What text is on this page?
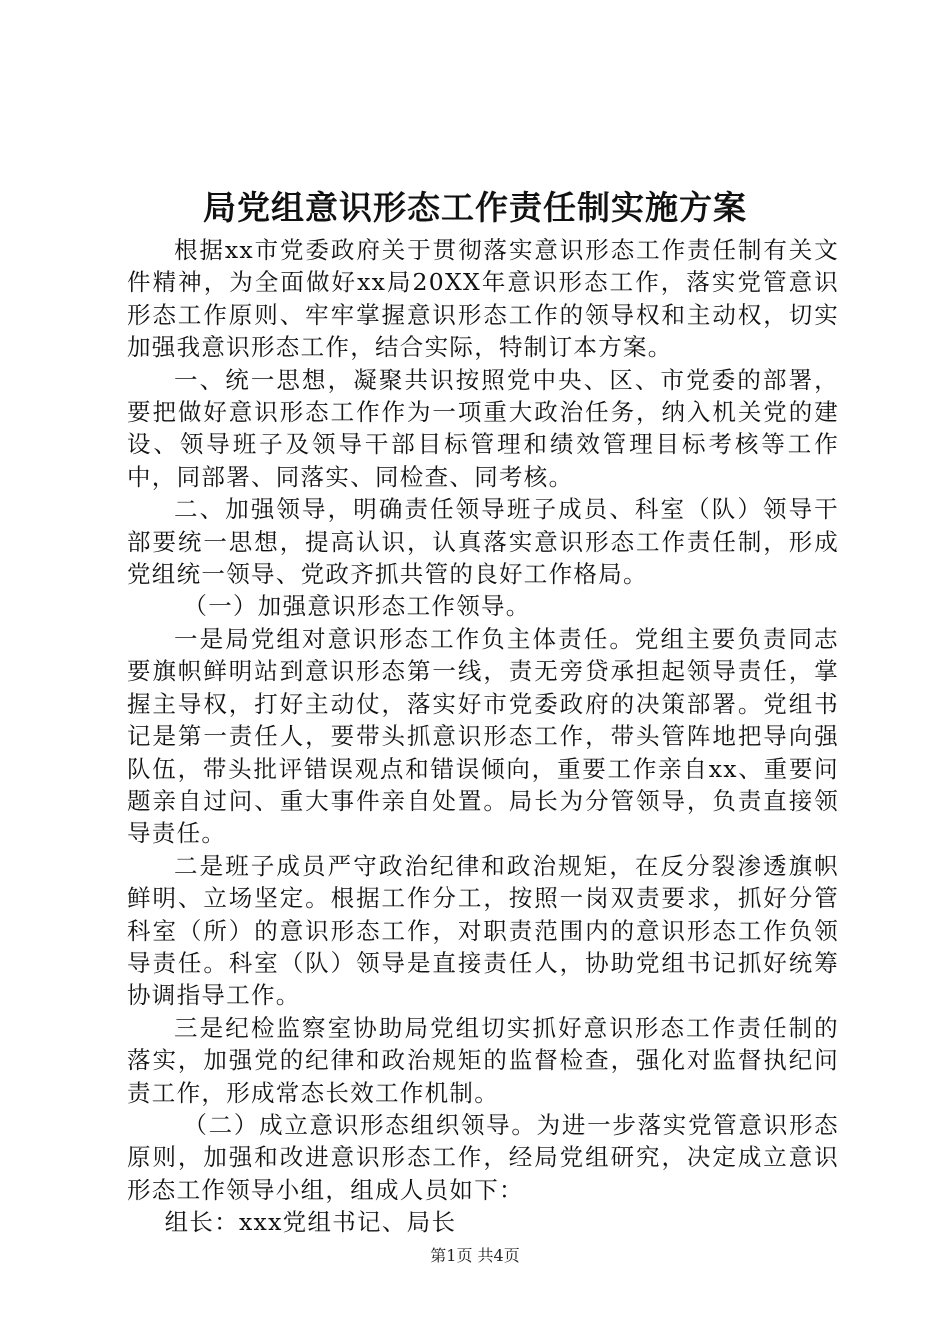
局党组意识形态工作责任制实施方案

根据xx市党委政府关于贯彻落实意识形态工作责任制有关文件精神，为全面做好xx局20XX年意识形态工作，落实党管意识形态工作原则、牢牢掌握意识形态工作的领导权和主动权，切实加强我意识形态工作，结合实际，特制订本方案。

一、统一思想，凝聚共识按照党中央、区、市党委的部署，要把做好意识形态工作作为一项重大政治任务，纳入机关党的建设、领导班子及领导干部目标管理和绩效管理目标考核等工作中，同部署、同落实、同检查、同考核。

二、加强领导，明确责任领导班子成员、科室（队）领导干部要统一思想，提高认识，认真落实意识形态工作责任制，形成党组统一领导、党政齐抓共管的良好工作格局。

（一）加强意识形态工作领导。

一是局党组对意识形态工作负主体责任。党组主要负责同志要旗帜鲜明站到意识形态第一线，责无旁贷承担起领导责任，掌握主导权，打好主动仗，落实好市党委政府的决策部署。党组书记是第一责任人，要带头抓意识形态工作，带头管阵地把导向强队伍，带头批评错误观点和错误倾向，重要工作亲自xx、重要问题亲自过问、重大事件亲自处置。局长为分管领导，负责直接领导责任。

二是班子成员严守政治纪律和政治规矩，在反分裂渗透旗帜鲜明、立场坚定。根据工作分工，按照一岗双责要求，抓好分管科室（所）的意识形态工作，对职责范围内的意识形态工作负领导责任。科室（队）领导是直接责任人，协助党组书记抓好统筹协调指导工作。

三是纪检监察室协助局党组切实抓好意识形态工作责任制的落实，加强党的纪律和政治规矩的监督检查，强化对监督执纪问责工作，形成常态长效工作机制。

（二）成立意识形态组织领导。为进一步落实党管意识形态原则，加强和改进意识形态工作，经局党组研究，决定成立意识形态工作领导小组，组成人员如下：

组长：xxx党组书记、局长

第1页 共4页
